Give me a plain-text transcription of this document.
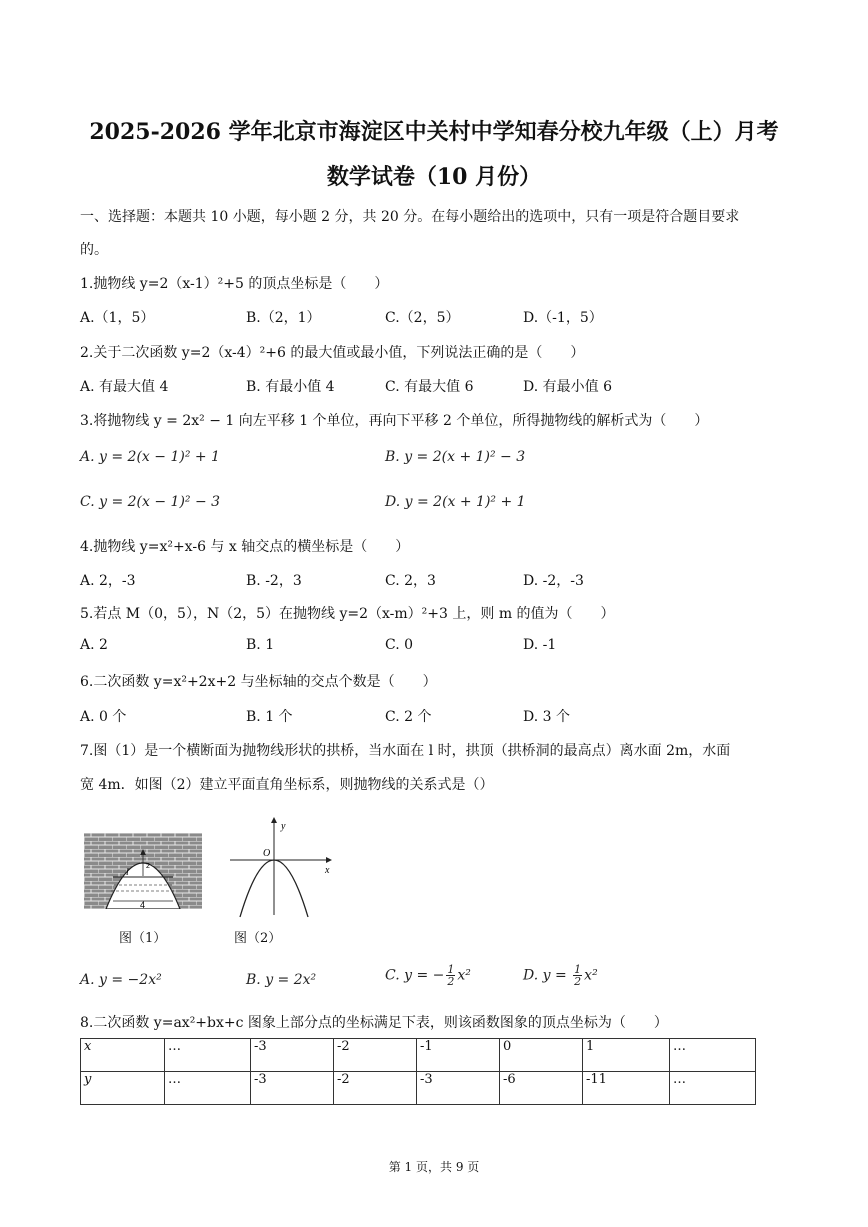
2025-2026 学年北京市海淀区中关村中学知春分校九年级（上）月考
数学试卷（10 月份）
一、选择题：本题共 10 小题，每小题 2 分，共 20 分。在每小题给出的选项中，只有一项是符合题目要求
的。
1.抛物线 y=2（x-1）²+5 的顶点坐标是（　　）
A.（1，5）	B.（2，1）	C.（2，5）	D.（-1，5）
2.关于二次函数 y=2（x-4）²+6 的最大值或最小值，下列说法正确的是（　　）
A. 有最大值 4	B. 有最小值 4	C. 有最大值 6	D. 有最小值 6
3.将抛物线 y = 2x² − 1 向左平移 1 个单位，再向下平移 2 个单位，所得抛物线的解析式为（　　）
A. y = 2(x − 1)² + 1	B. y = 2(x + 1)² − 3
C. y = 2(x − 1)² − 3	D. y = 2(x + 1)² + 1
4.抛物线 y=x²+x-6 与 x 轴交点的横坐标是（　　）
A. 2，-3	B. -2，3	C. 2，3	D. -2，-3
5.若点 M（0，5），N（2，5）在抛物线 y=2（x-m）²+3 上，则 m 的值为（　　）
A. 2	B. 1	C. 0	D. -1
6.二次函数 y=x²+2x+2 与坐标轴的交点个数是（　　）
A. 0 个	B. 1 个	C. 2 个	D. 3 个
7.图（1）是一个横断面为抛物线形状的拱桥，当水面在 l 时，拱顶（拱桥洞的最高点）离水面 2m，水面
宽 4m．如图（2）建立平面直角坐标系，则抛物线的关系式是（）
2
l
4
图（1）
y
x
O
图（2）
A. y = −2x²	B. y = 2x²	C. y = − $\frac{1}{2} x^2$	D. $y = \frac{1}{2} x^2$
8.二次函数 y=ax²+bx+c 图象上部分点的坐标满足下表，则该函数图象的顶点坐标为（　　）
x	…	-3	-2	-1	0	1	…
y	…	-3	-2	-3	-6	-11	…
第 1 页，共 9 页
